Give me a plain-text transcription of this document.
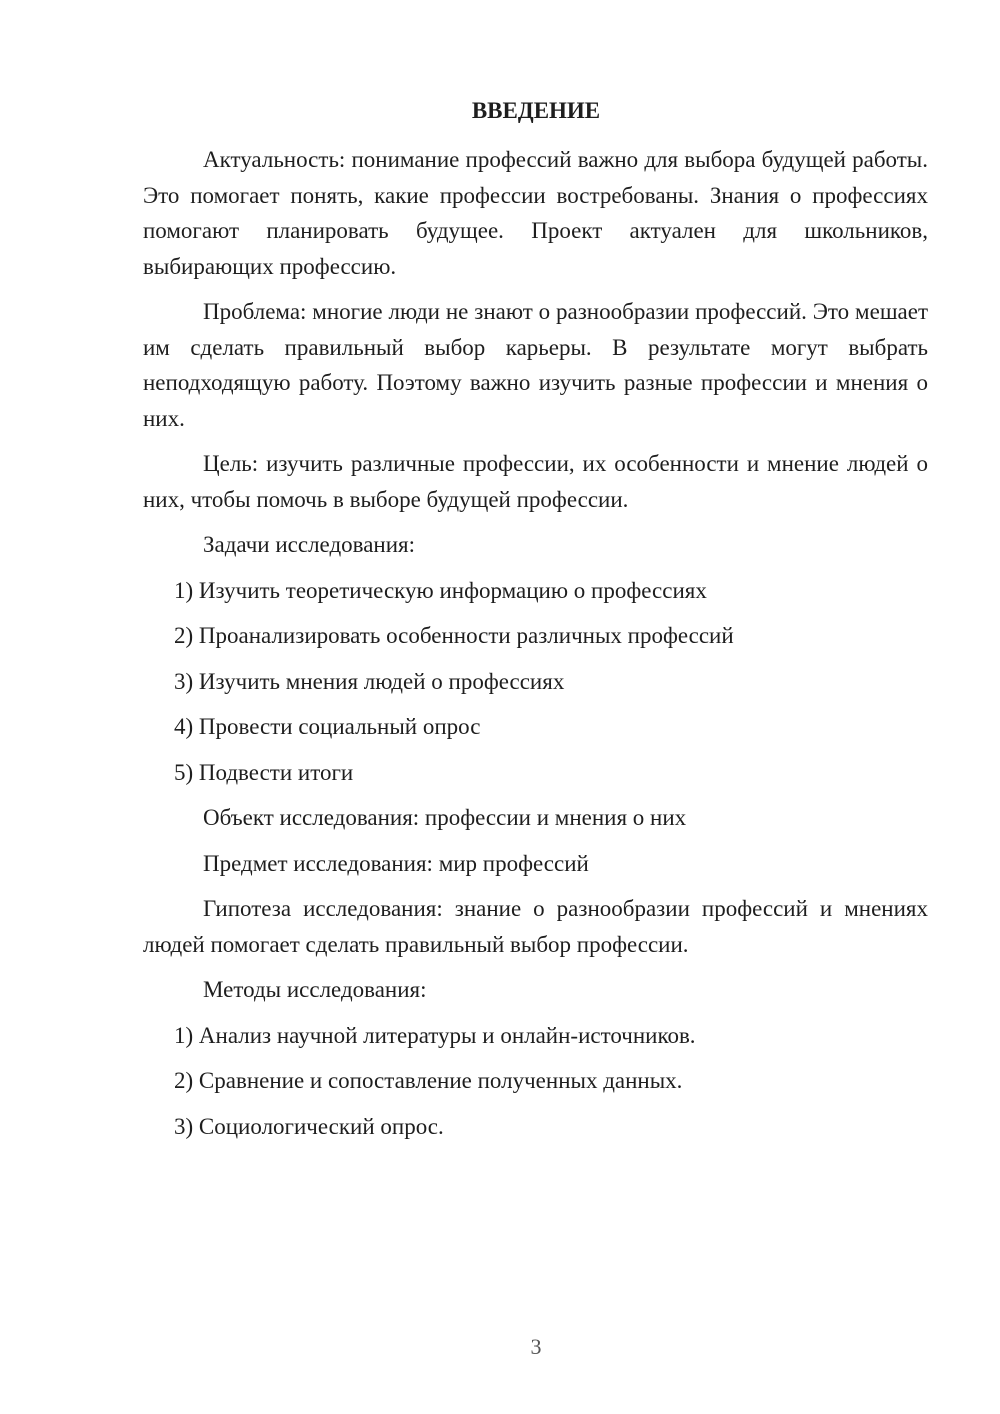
ВВЕДЕНИЕ

Актуальность: понимание профессий важно для выбора будущей работы. Это помогает понять, какие профессии востребованы. Знания о профессиях помогают планировать будущее. Проект актуален для школьников, выбирающих профессию.

Проблема: многие люди не знают о разнообразии профессий. Это мешает им сделать правильный выбор карьеры. В результате могут выбрать неподходящую работу. Поэтому важно изучить разные профессии и мнения о них.

Цель: изучить различные профессии, их особенности и мнение людей о них, чтобы помочь в выборе будущей профессии.

Задачи исследования:

1) Изучить теоретическую информацию о профессиях

2) Проанализировать особенности различных профессий

3) Изучить мнения людей о профессиях

4) Провести социальный опрос

5) Подвести итоги

Объект исследования: профессии и мнения о них

Предмет исследования: мир профессий

Гипотеза исследования: знание о разнообразии профессий и мнениях людей помогает сделать правильный выбор профессии.

Методы исследования:

1) Анализ научной литературы и онлайн-источников.

2) Сравнение и сопоставление полученных данных.

3) Социологический опрос.

3
